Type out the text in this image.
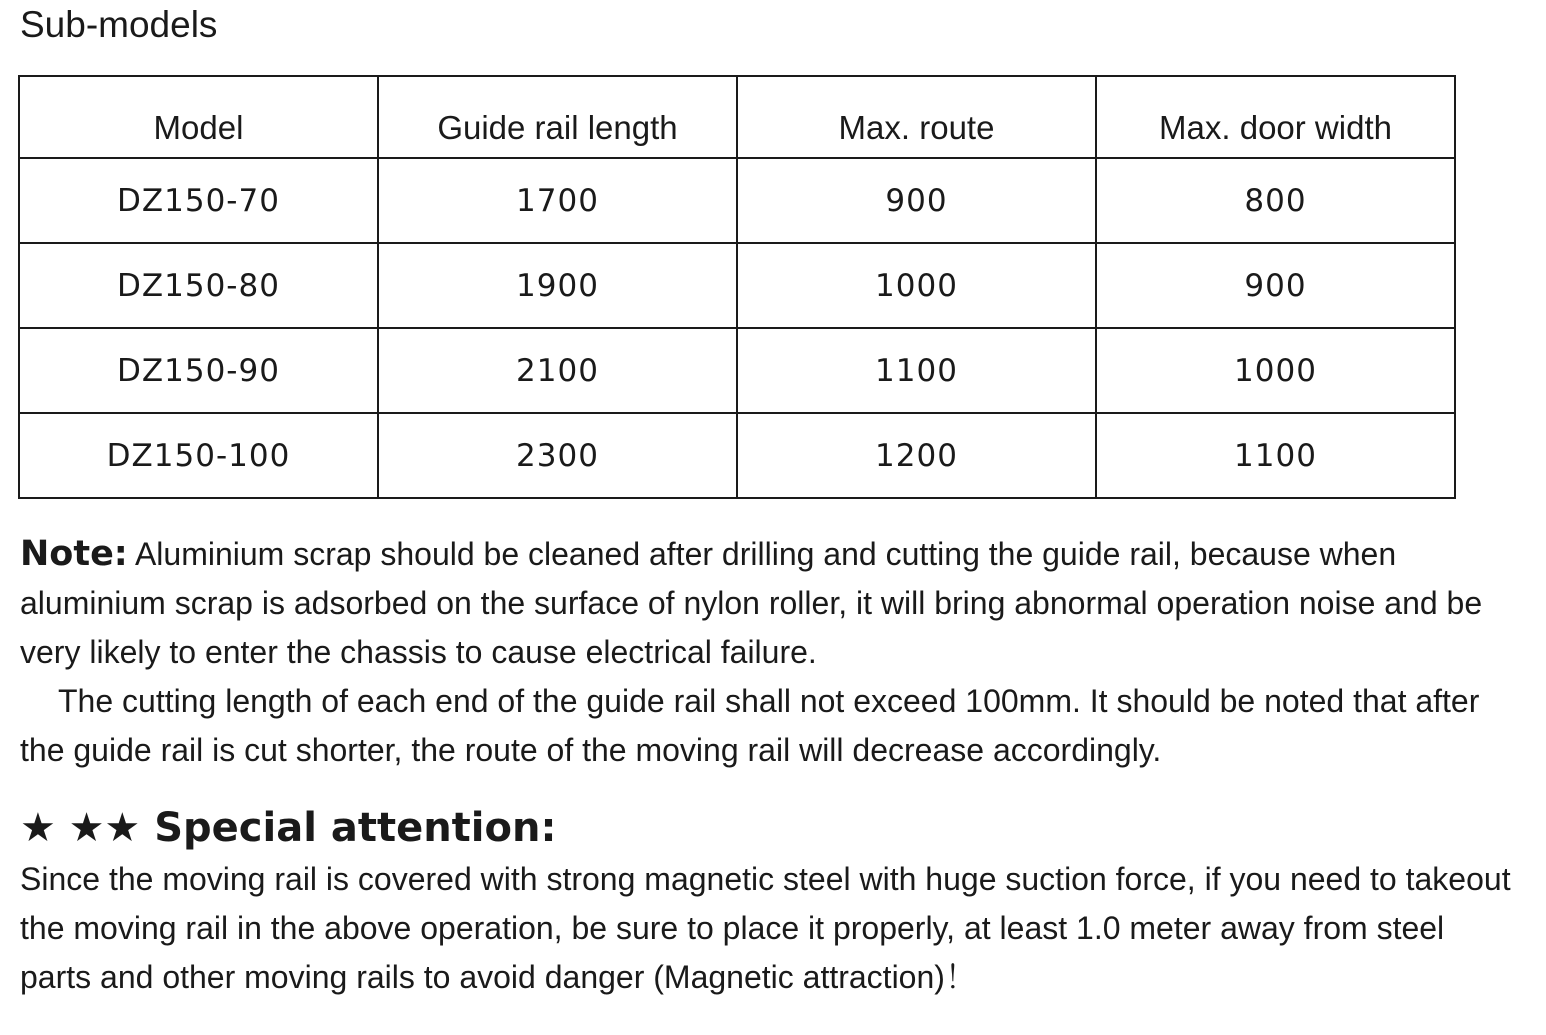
Sub-models
Model	Guide rail length	Max. route	Max. door width
DZ150-70	1700	900	800
DZ150-80	1900	1000	900
DZ150-90	2100	1100	1000
DZ150-100	2300	1200	1100

Note: Aluminium scrap should be cleaned after drilling and cutting the guide rail, because when aluminium scrap is adsorbed on the surface of nylon roller, it will bring abnormal operation noise and be very likely to enter the chassis to cause electrical failure.

The cutting length of each end of the guide rail shall not exceed 100mm. It should be noted that after the guide rail is cut shorter, the route of the moving rail will decrease accordingly.

★ ★★ Special attention:

Since the moving rail is covered with strong magnetic steel with huge suction force, if you need to takeout the moving rail in the above operation, be sure to place it properly, at least 1.0 meter away from steel parts and other moving rails to avoid danger (Magnetic attraction)！
